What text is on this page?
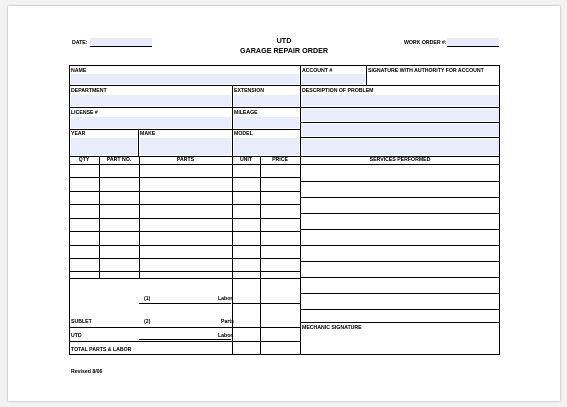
DATE:	UTD
GARAGE REPAIR ORDER
WORK ORDER #:
NAME	ACCOUNT #	SIGNATURE WITH AUTHORITY FOR ACCOUNT
DEPARTMENT	EXTENSION	DESCRIPTION OF PROBLEM
LICENSE #	MILEAGE
YEAR	MAKE	MODEL
QTY	PART NO.	PARTS	UNIT	PRICE	SERVICES PERFORMED
(1)	Labor
SUBLET	(2)	Parts
UTD	Labor
TOTAL PARTS & LABOR
MECHANIC SIGNATURE
Revised 8/06
